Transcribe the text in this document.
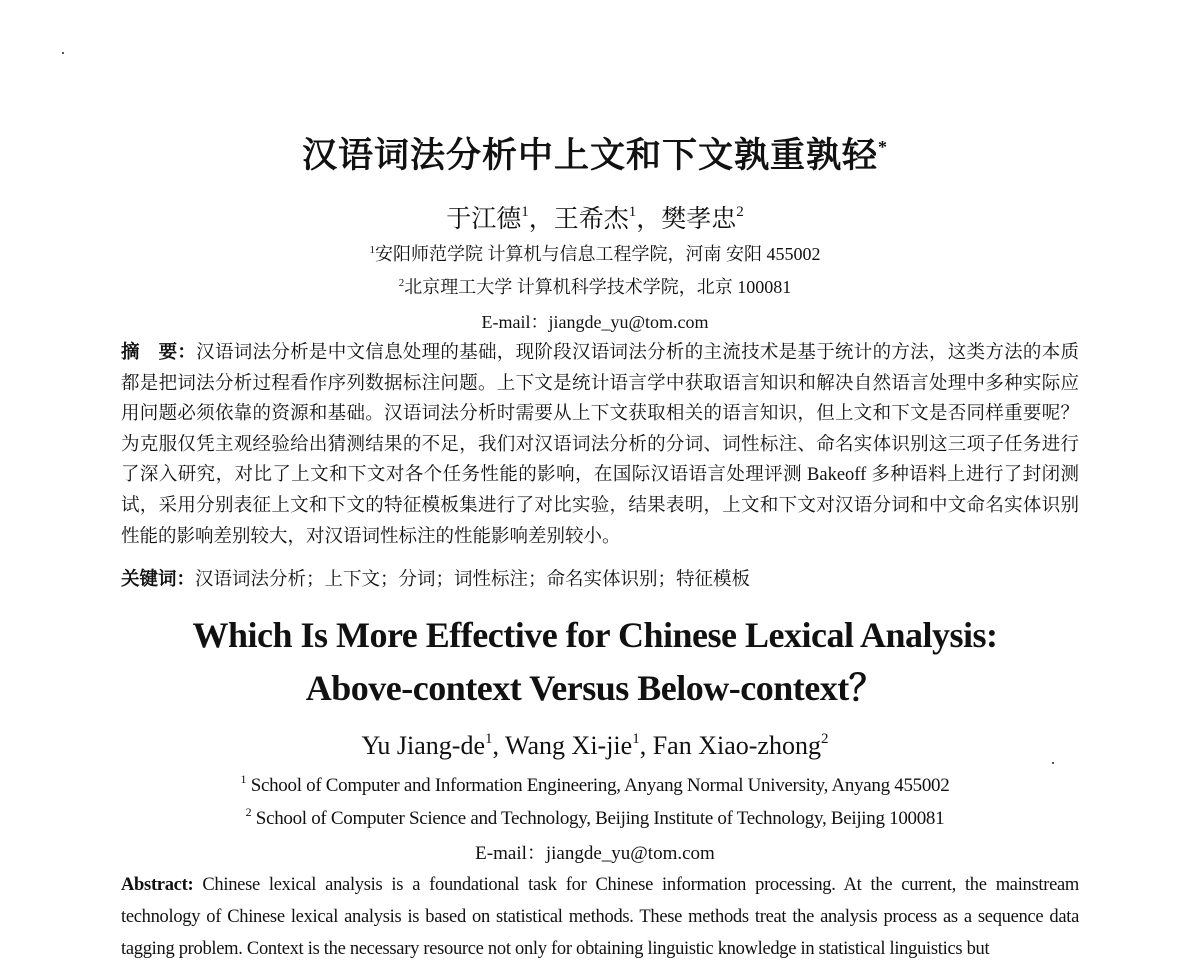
汉语词法分析中上文和下文孰重孰轻*
于江德$^1$，王希杰$^1$，樊孝忠$^2$
$^1$安阳师范学院 计算机与信息工程学院，河南 安阳 455002
$^2$北京理工大学 计算机科学技术学院，北京 100081
E-mail：jiangde_yu@tom.com
摘　要：汉语词法分析是中文信息处理的基础，现阶段汉语词法分析的主流技术是基于统计的方法，这类方法的本质都是把词法分析过程看作序列数据标注问题。上下文是统计语言学中获取语言知识和解决自然语言处理中多种实际应用问题必须依靠的资源和基础。汉语词法分析时需要从上下文获取相关的语言知识，但上文和下文是否同样重要呢？为克服仅凭主观经验给出猜测结果的不足，我们对汉语词法分析的分词、词性标注、命名实体识别这三项子任务进行了深入研究，对比了上文和下文对各个任务性能的影响，在国际汉语语言处理评测 Bakeoff 多种语料上进行了封闭测试，采用分别表征上文和下文的特征模板集进行了对比实验，结果表明，上文和下文对汉语分词和中文命名实体识别性能的影响差别较大，对汉语词性标注的性能影响差别较小。
关键词：汉语词法分析；上下文；分词；词性标注；命名实体识别；特征模板
Which Is More Effective for Chinese Lexical Analysis:
Above-context Versus Below-context？
Yu Jiang-$de^1$, Wang Xi-jie$^1$, Fan Xiao-zhong$^2$
$^1$ School of Computer and Information Engineering, Anyang Normal University, Anyang 455002
$^2$ School of Computer Science and Technology, Beijing Institute of Technology, Beijing 100081
E-mail：jiangde_yu@tom.com
Abstract: Chinese lexical analysis is a foundational task for Chinese information processing. At the current, the mainstream technology of Chinese lexical analysis is based on statistical methods. These methods treat the analysis process as a sequence data tagging problem. Context is the necessary resource not only for obtaining linguistic knowledge in statistical linguistics but
